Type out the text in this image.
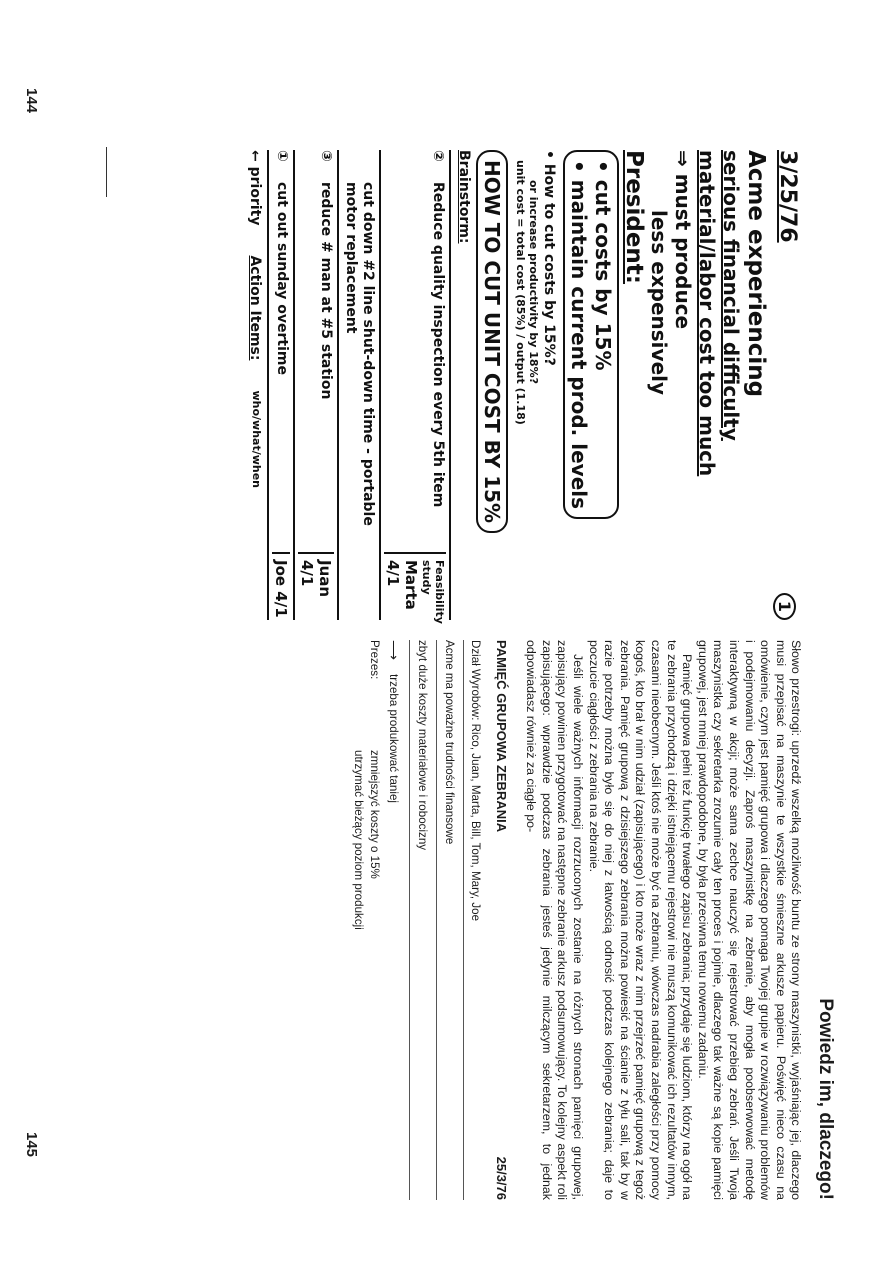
144
145
3/25/76
1
Acme experiencing
serious financial difficulty
material/labor cost too much
⇒ must produce
less expensively
President:
• cut costs by 15%
• maintain current prod. levels
• How to cut costs by 15%?
or increase productivity by 18%?
unit cost = total cost (85%) / output (1.18)
HOW TO CUT UNIT COST BY 15%
Brainstorm:
②
Reduce quality inspection every 5th item
Feasibility study
Marta 4/1
cut down #2 line shut-down time - portable motor replacement
③
reduce # man at #5 station
Juan 4/1
①
cut out sunday overtime
Joe 4/1
← priority
Action Items:
who/what/when
Powiedz im, dlaczego!

Słowo przestrogi: uprzedź wszelką możliwość buntu ze strony maszynistki, wyjaśniając jej, dlaczego musi przepisać na maszynie te wszystkie śmieszne arkusze papieru. Poświęć nieco czasu na omówienie, czym jest pamięć grupowa i dlaczego pomaga Twojej grupie w rozwiązywaniu problemów i podejmowaniu decyzji. Zaproś maszynistkę na zebranie, aby mogła poobserwować metodę interaktywną w akcji; może sama zechce nauczyć się rejestrować przebieg zebrań. Jeśli Twoja maszynistka czy sekretarka zrozumie cały ten proces i pojmie, dlaczego tak ważne są kopie pamięci grupowej, jest mniej prawdopodobne, by była przeciwna temu nowemu zadaniu.

Pamięć grupowa pełni też funkcję trwałego zapisu zebrania; przydaje się ludziom, którzy na ogół na te zebrania przychodzą i dzięki istniejącemu rejestrowi nie muszą komunikować ich rezultatów innym, czasami nieobecnym. Jeśli ktoś nie może być na zebraniu, wówczas nadrabia zaległości przy pomocy kogoś, kto brał w nim udział (zapisującego) i kto może wraz z nim przejrzeć pamięć grupową z tegoż zebrania. Pamięć grupową z dzisiejszego zebrania można powiesić na ścianie z tyłu sali, tak by w razie potrzeby można było się do niej z łatwością odnosić podczas kolejnego zebrania; daje to poczucie ciągłości z zebrania na zebranie.

Jeśli wiele ważnych informacji rozrzuconych zostanie na różnych stronach pamięci grupowej, zapisujący powinien przygotować na następne zebranie arkusz podsumowujący. To kolejny aspekt roli zapisującego: wprawdzie podczas zebrania jesteś jedynie milczącym sekretarzem, to jednak odpowiadasz również za ciągłe po-

PAMIĘĆ GRUPOWA ZEBRANIA
25/3/76
Dział Wyrobów: Rico, Juan, Marta, Bill, Tom, Mary, Joe
Acme ma poważne trudności finansowe
zbyt duże koszty materiałowe i robocizny
⟶
trzeba produkować taniej
Prezes:
zmniejszyć koszty o 15%
utrzymać bieżący poziom produkcji
